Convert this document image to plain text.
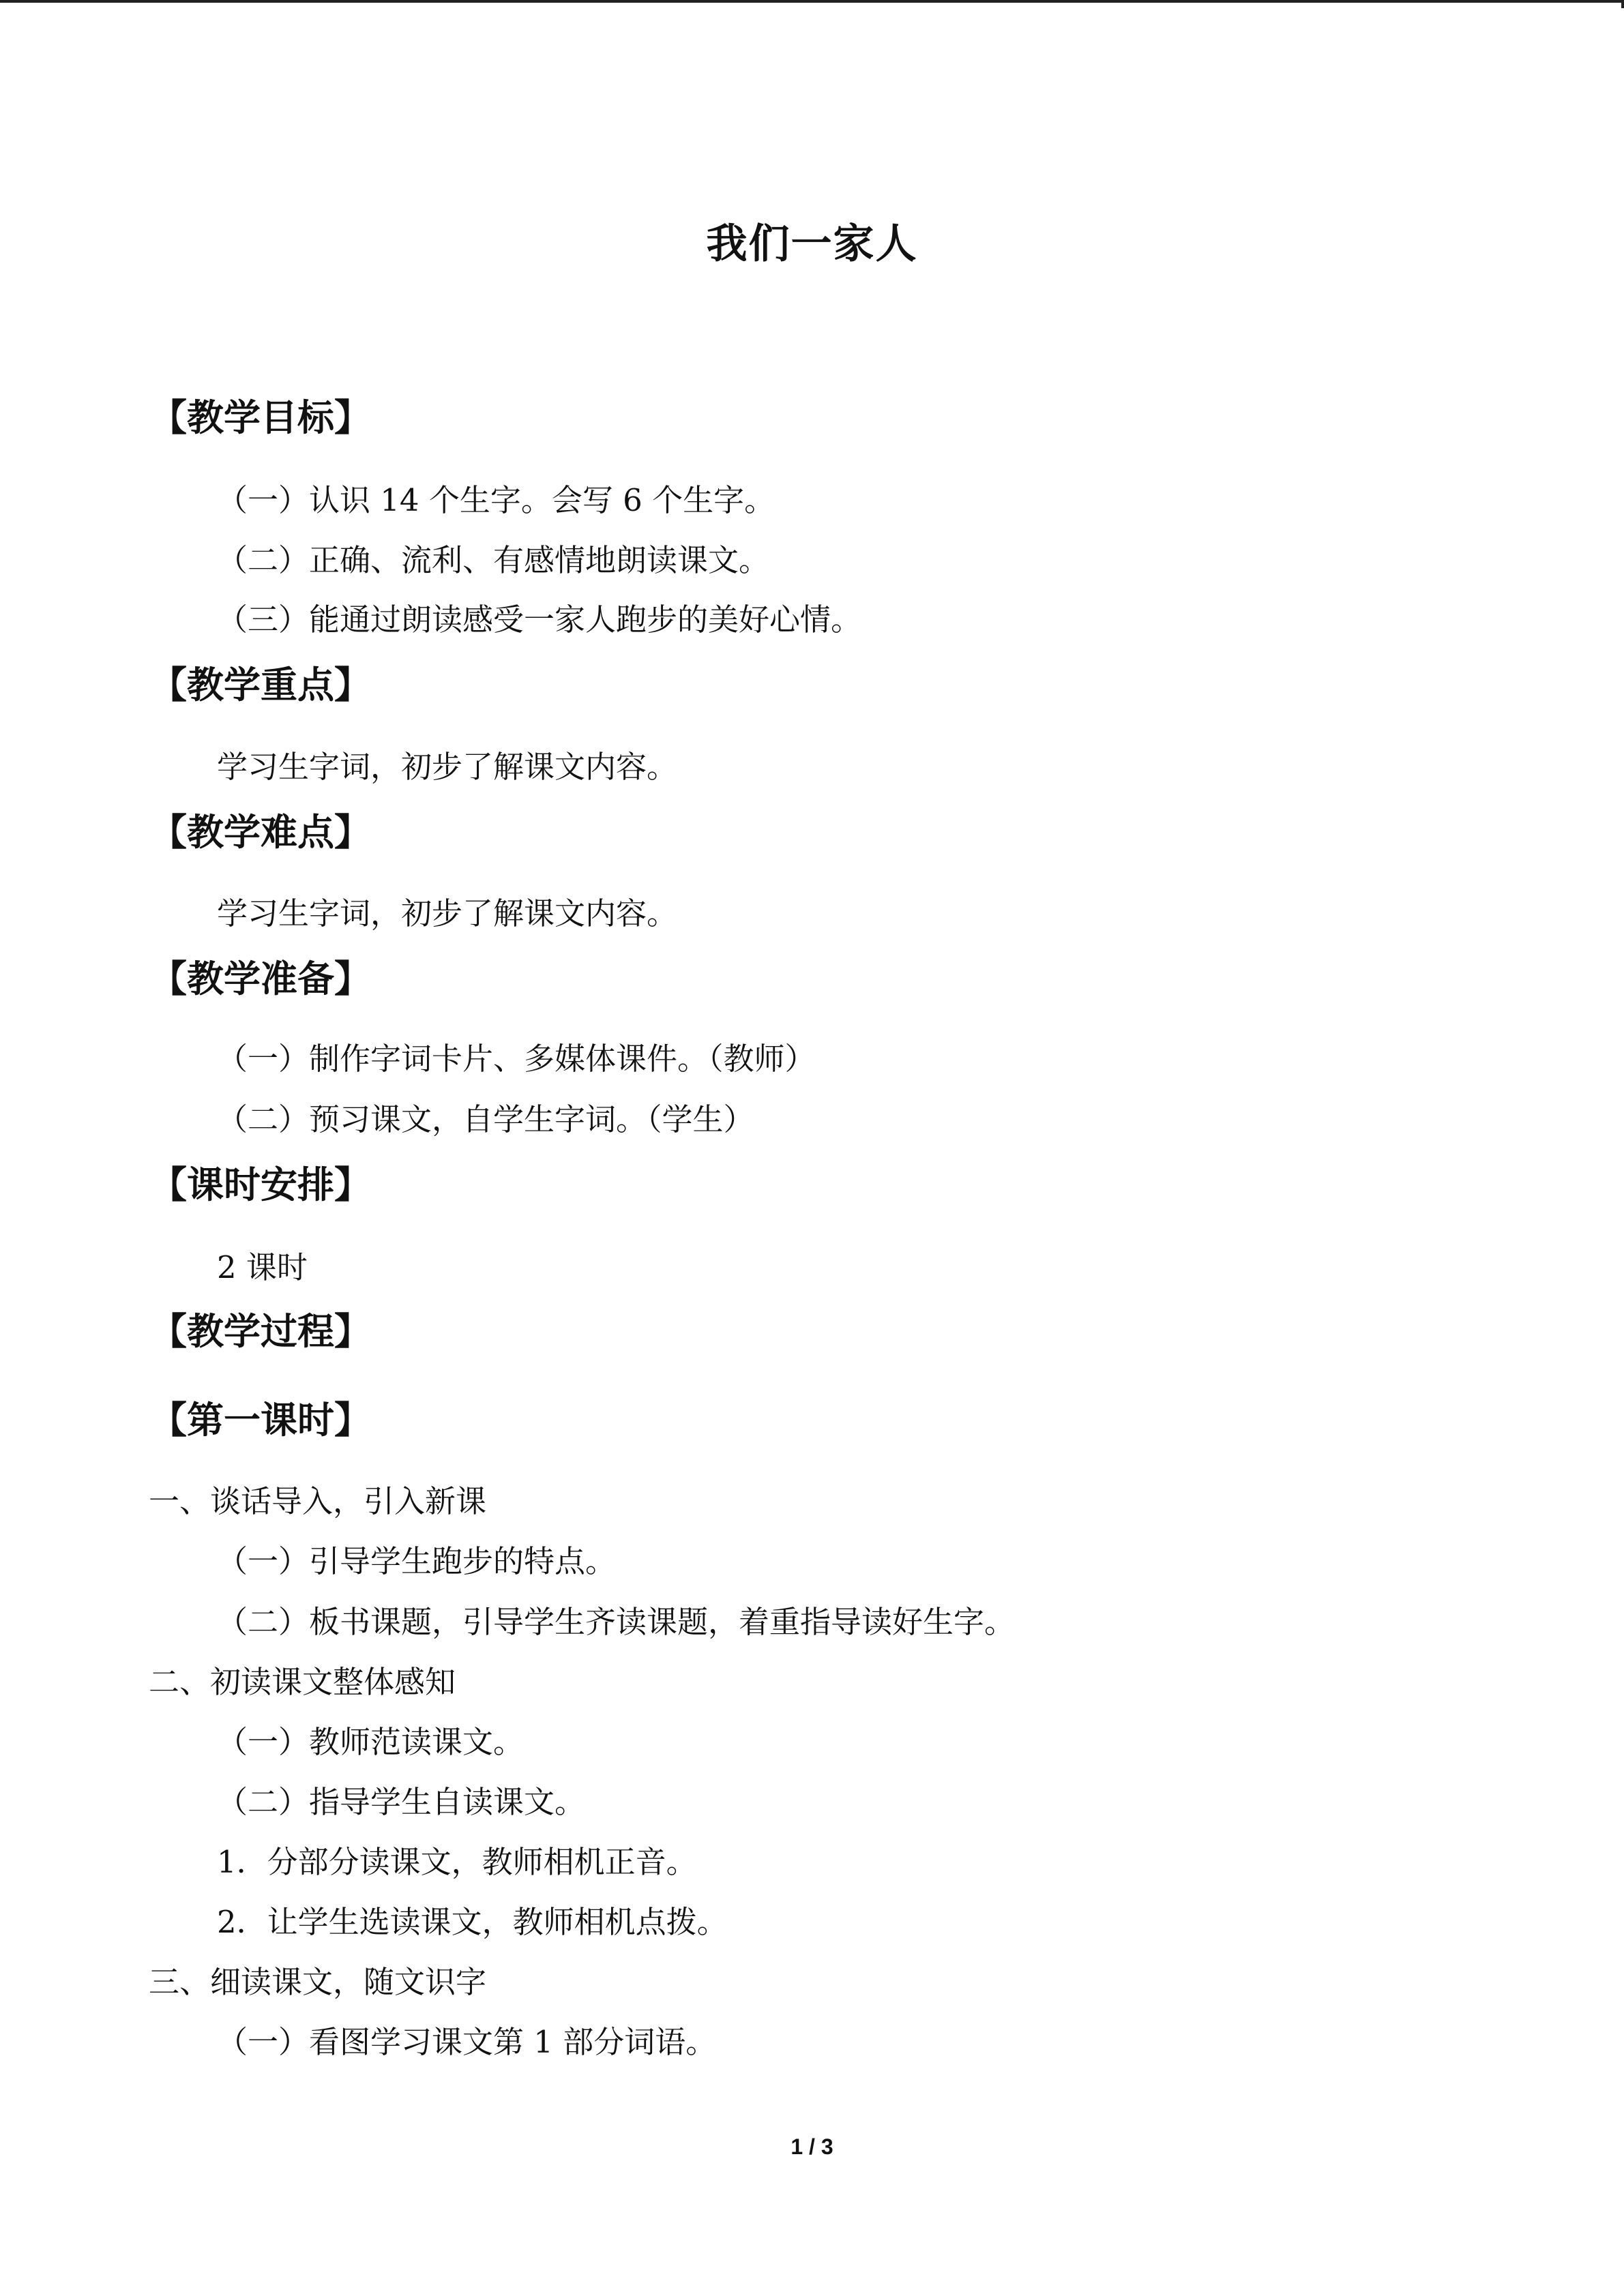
我们一家人
【教学目标】
（一）认识 14 个生字。会写 6 个生字。
（二）正确、流利、有感情地朗读课文。
（三）能通过朗读感受一家人跑步的美好心情。
【教学重点】
学习生字词，初步了解课文内容。
【教学难点】
学习生字词，初步了解课文内容。
【教学准备】
（一）制作字词卡片、多媒体课件。（教师）
（二）预习课文，自学生字词。（学生）
【课时安排】
2 课时
【教学过程】
【第一课时】
一、谈话导入，引入新课
（一）引导学生跑步的特点。
（二）板书课题，引导学生齐读课题，着重指导读好生字。
二、初读课文整体感知
（一）教师范读课文。
（二）指导学生自读课文。
1．分部分读课文，教师相机正音。
2．让学生选读课文，教师相机点拨。
三、细读课文，随文识字
（一）看图学习课文第 1 部分词语。
1 / 3
